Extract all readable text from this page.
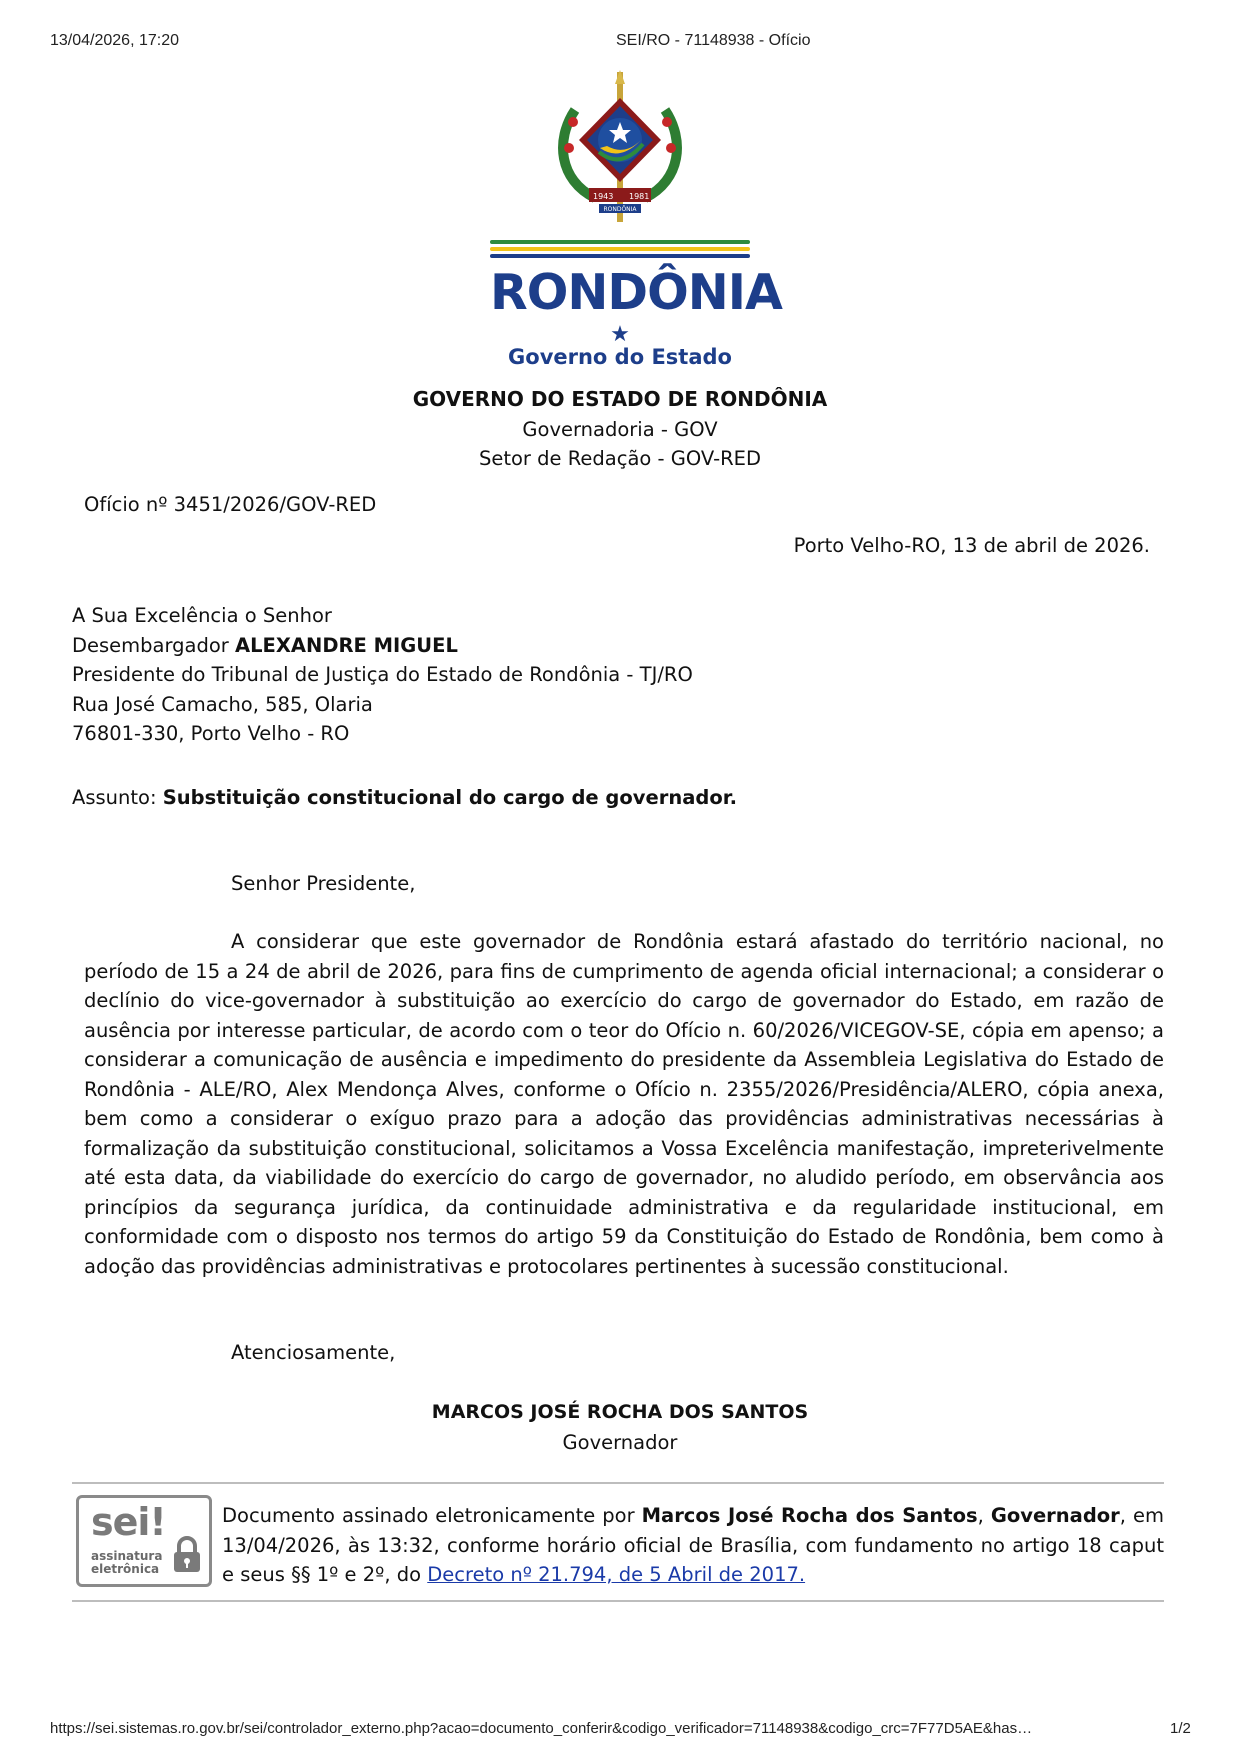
13/04/2026, 17:20	SEI/RO - 71148938 - Ofício
1943 1981
RONDÔNIA
RONDÔNIA
★
Governo do Estado
GOVERNO DO ESTADO DE RONDÔNIA
Governadoria - GOV
Setor de Redação - GOV-RED
Ofício nº 3451/2026/GOV-RED
Porto Velho-RO, 13 de abril de 2026.
A Sua Excelência o Senhor
Desembargador ALEXANDRE MIGUEL
Presidente do Tribunal de Justiça do Estado de Rondônia - TJ/RO
Rua José Camacho, 585, Olaria
76801-330, Porto Velho - RO
Assunto: Substituição constitucional do cargo de governador.
Senhor Presidente,
A considerar que este governador de Rondônia estará afastado do território nacional, no período de 15 a 24 de abril de 2026, para fins de cumprimento de agenda oficial internacional; a considerar o declínio do vice-governador à substituição ao exercício do cargo de governador do Estado, em razão de ausência por interesse particular, de acordo com o teor do Ofício n. 60/2026/VICEGOV-SE, cópia em apenso; a considerar a comunicação de ausência e impedimento do presidente da Assembleia Legislativa do Estado de Rondônia - ALE/RO, Alex Mendonça Alves, conforme o Ofício n. 2355/2026/Presidência/ALERO, cópia anexa, bem como a considerar o exíguo prazo para a adoção das providências administrativas necessárias à formalização da substituição constitucional, solicitamos a Vossa Excelência manifestação, impreterivelmente até esta data, da viabilidade do exercício do cargo de governador, no aludido período, em observância aos princípios da segurança jurídica, da continuidade administrativa e da regularidade institucional, em conformidade com o disposto nos termos do artigo 59 da Constituição do Estado de Rondônia, bem como à adoção das providências administrativas e protocolares pertinentes à sucessão constitucional.
Atenciosamente,
MARCOS JOSÉ ROCHA DOS SANTOS
Governador
sei!
assinatura
eletrônica
Documento assinado eletronicamente por Marcos José Rocha dos Santos, Governador, em 13/04/2026, às 13:32, conforme horário oficial de Brasília, com fundamento no artigo 18 caput e seus §§ 1º e 2º, do Decreto nº 21.794, de 5 Abril de 2017.
https://sei.sistemas.ro.gov.br/sei/controlador_externo.php?acao=documento_conferir&codigo_verificador=71148938&codigo_crc=7F77D5AE&has…	1/2
